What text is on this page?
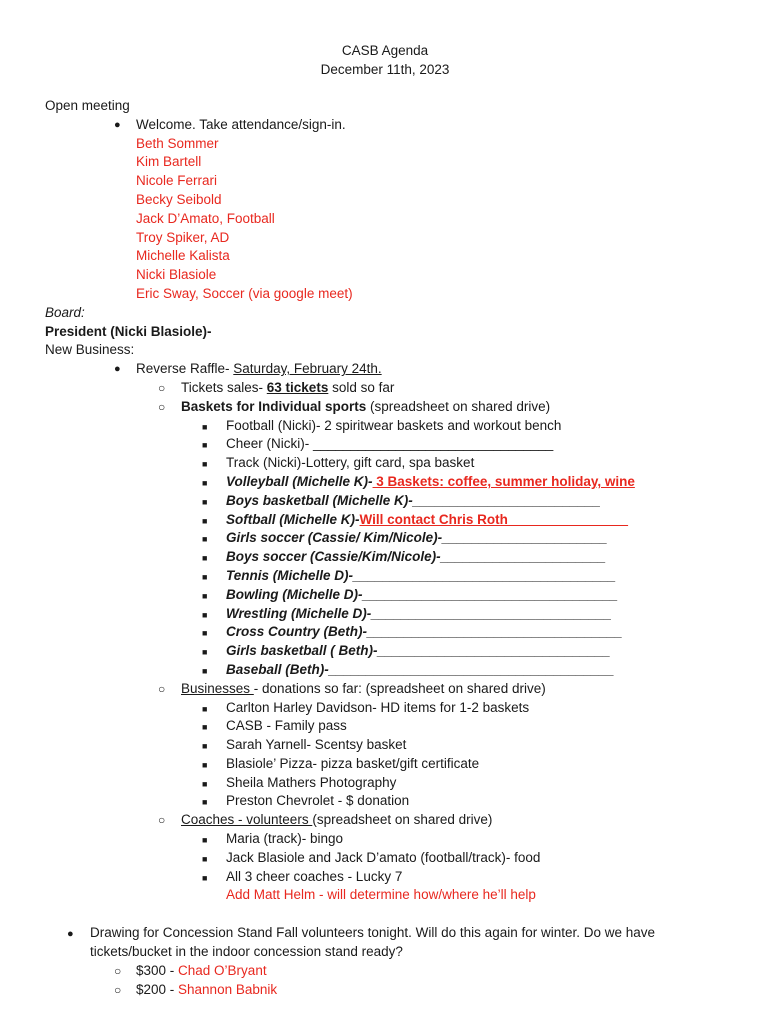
CASB Agenda
December 11th, 2023
Open meeting
● Welcome. Take attendance/sign-in.
Beth Sommer
Kim Bartell
Nicole Ferrari
Becky Seibold
Jack D’Amato, Football
Troy Spiker, AD
Michelle Kalista
Nicki Blasiole
Eric Sway, Soccer (via google meet)
Board:
President (Nicki Blasiole)-
New Business:
● Reverse Raffle- Saturday, February 24th.
○ Tickets sales- 63 tickets sold so far
○ Baskets for Individual sports (spreadsheet on shared drive)
■ Football (Nicki)- 2 spiritwear baskets and workout bench
■ Cheer (Nicki)- ________________________________
■ Track (Nicki)-Lottery, gift card, spa basket
■ Volleyball (Michelle K)- 3 Baskets: coffee, summer holiday, wine
■ Boys basketball (Michelle K)-_________________________
■ Softball (Michelle K)-Will contact Chris Roth________________
■ Girls soccer (Cassie/ Kim/Nicole)-______________________
■ Boys soccer (Cassie/Kim/Nicole)-______________________
■ Tennis (Michelle D)-___________________________________
■ Bowling (Michelle D)-__________________________________
■ Wrestling (Michelle D)-________________________________
■ Cross Country (Beth)-__________________________________
■ Girls basketball ( Beth)-_______________________________
■ Baseball (Beth)-______________________________________
○ Businesses - donations so far: (spreadsheet on shared drive)
■ Carlton Harley Davidson- HD items for 1-2 baskets
■ CASB - Family pass
■ Sarah Yarnell- Scentsy basket
■ Blasiole’ Pizza- pizza basket/gift certificate
■ Sheila Mathers Photography
■ Preston Chevrolet - $ donation
○ Coaches - volunteers (spreadsheet on shared drive)
■ Maria (track)- bingo
■ Jack Blasiole and Jack D’amato (football/track)- food
■ All 3 cheer coaches - Lucky 7
Add Matt Helm - will determine how/where he’ll help
● Drawing for Concession Stand Fall volunteers tonight. Will do this again for winter. Do we have
tickets/bucket in the indoor concession stand ready?
○ $300 - Chad O’Bryant
○ $200 - Shannon Babnik
